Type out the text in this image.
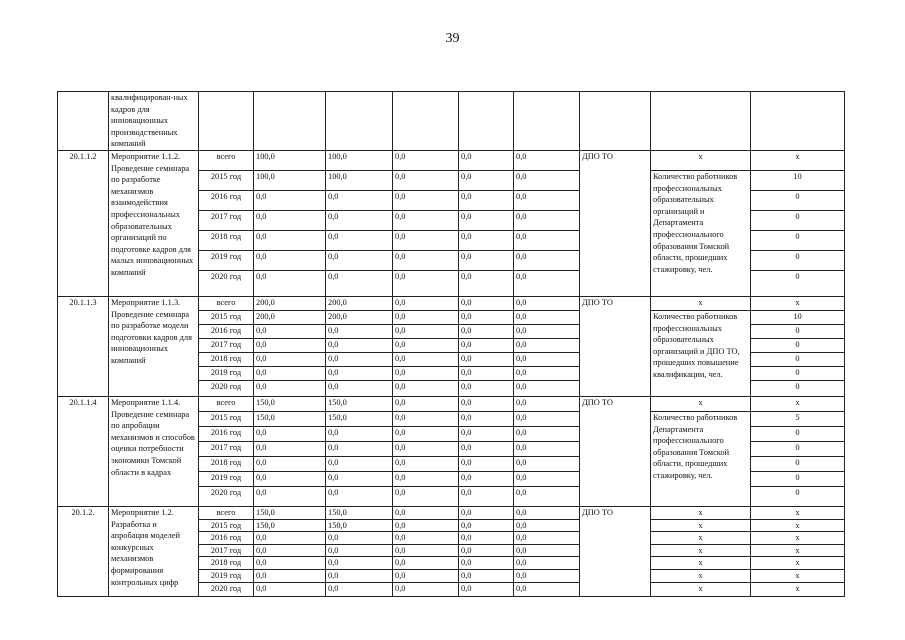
39
	квалифицирован-ных кадров для инновационных производственных компаний									
20.1.1.2	Мероприятие 1.1.2. Проведение семинара по разработке механизмов взаимодействия профессиональных образовательных организаций по подготовке кадров для малых инновационных компаний	всего	100,0	100,0	0,0	0,0	0,0	ДПО ТО	х	х
		2015 год	100,0	100,0	0,0	0,0	0,0		Количество работников профессиональных образовательных организаций и Департамента профессионального образования Томской области, прошедших стажировку, чел.	10
		2016 год	0,0	0,0	0,0	0,0	0,0			0
		2017 год	0,0	0,0	0,0	0,0	0,0			0
		2018 год	0,0	0,0	0,0	0,0	0,0			0
		2019 год	0,0	0,0	0,0	0,0	0,0			0
		2020 год	0,0	0,0	0,0	0,0	0,0			0
20.1.1.3	Мероприятие 1.1.3. Проведение семинара по разработке модели подготовки кадров для инновационных компаний	всего	200,0	200,0	0,0	0,0	0,0	ДПО ТО	х	х
		2015 год	200,0	200,0	0,0	0,0	0,0		Количество работников профессиональных образовательных организаций и ДПО ТО, прошедших повышение квалификации, чел.	10
		2016 год	0,0	0,0	0,0	0,0	0,0			0
		2017 год	0,0	0,0	0,0	0,0	0,0			0
		2018 год	0,0	0,0	0,0	0,0	0,0			0
		2019 год	0,0	0,0	0,0	0,0	0,0			0
		2020 год	0,0	0,0	0,0	0,0	0,0			0
20.1.1.4	Мероприятие 1.1.4. Проведение семинара по апробации механизмов и способов оценки потребности экономики Томской области в кадрах	всего	150,0	150,0	0,0	0,0	0,0	ДПО ТО	х	х
		2015 год	150,0	150,0	0,0	0,0	0,0		Количество работников Департамента профессионального образования Томской области, прошедших стажировку, чел.	5
		2016 год	0,0	0,0	0,0	0,0	0,0			0
		2017 год	0,0	0,0	0,0	0,0	0,0			0
		2018 год	0,0	0,0	0,0	0,0	0,0			0
		2019 год	0,0	0,0	0,0	0,0	0,0			0
		2020 год	0,0	0,0	0,0	0,0	0,0			0
20.1.2.	Мероприятие 1.2. Разработка и апробация моделей конкурсных механизмов формирования контрольных цифр	всего	150,0	150,0	0,0	0,0	0,0	ДПО ТО	х	х
		2015 год	150,0	150,0	0,0	0,0	0,0		х	х
		2016 год	0,0	0,0	0,0	0,0	0,0		х	х
		2017 год	0,0	0,0	0,0	0,0	0,0		х	х
		2018 год	0,0	0,0	0,0	0,0	0,0		х	х
		2019 год	0,0	0,0	0,0	0,0	0,0		х	х
		2020 год	0,0	0,0	0,0	0,0	0,0		х	х
